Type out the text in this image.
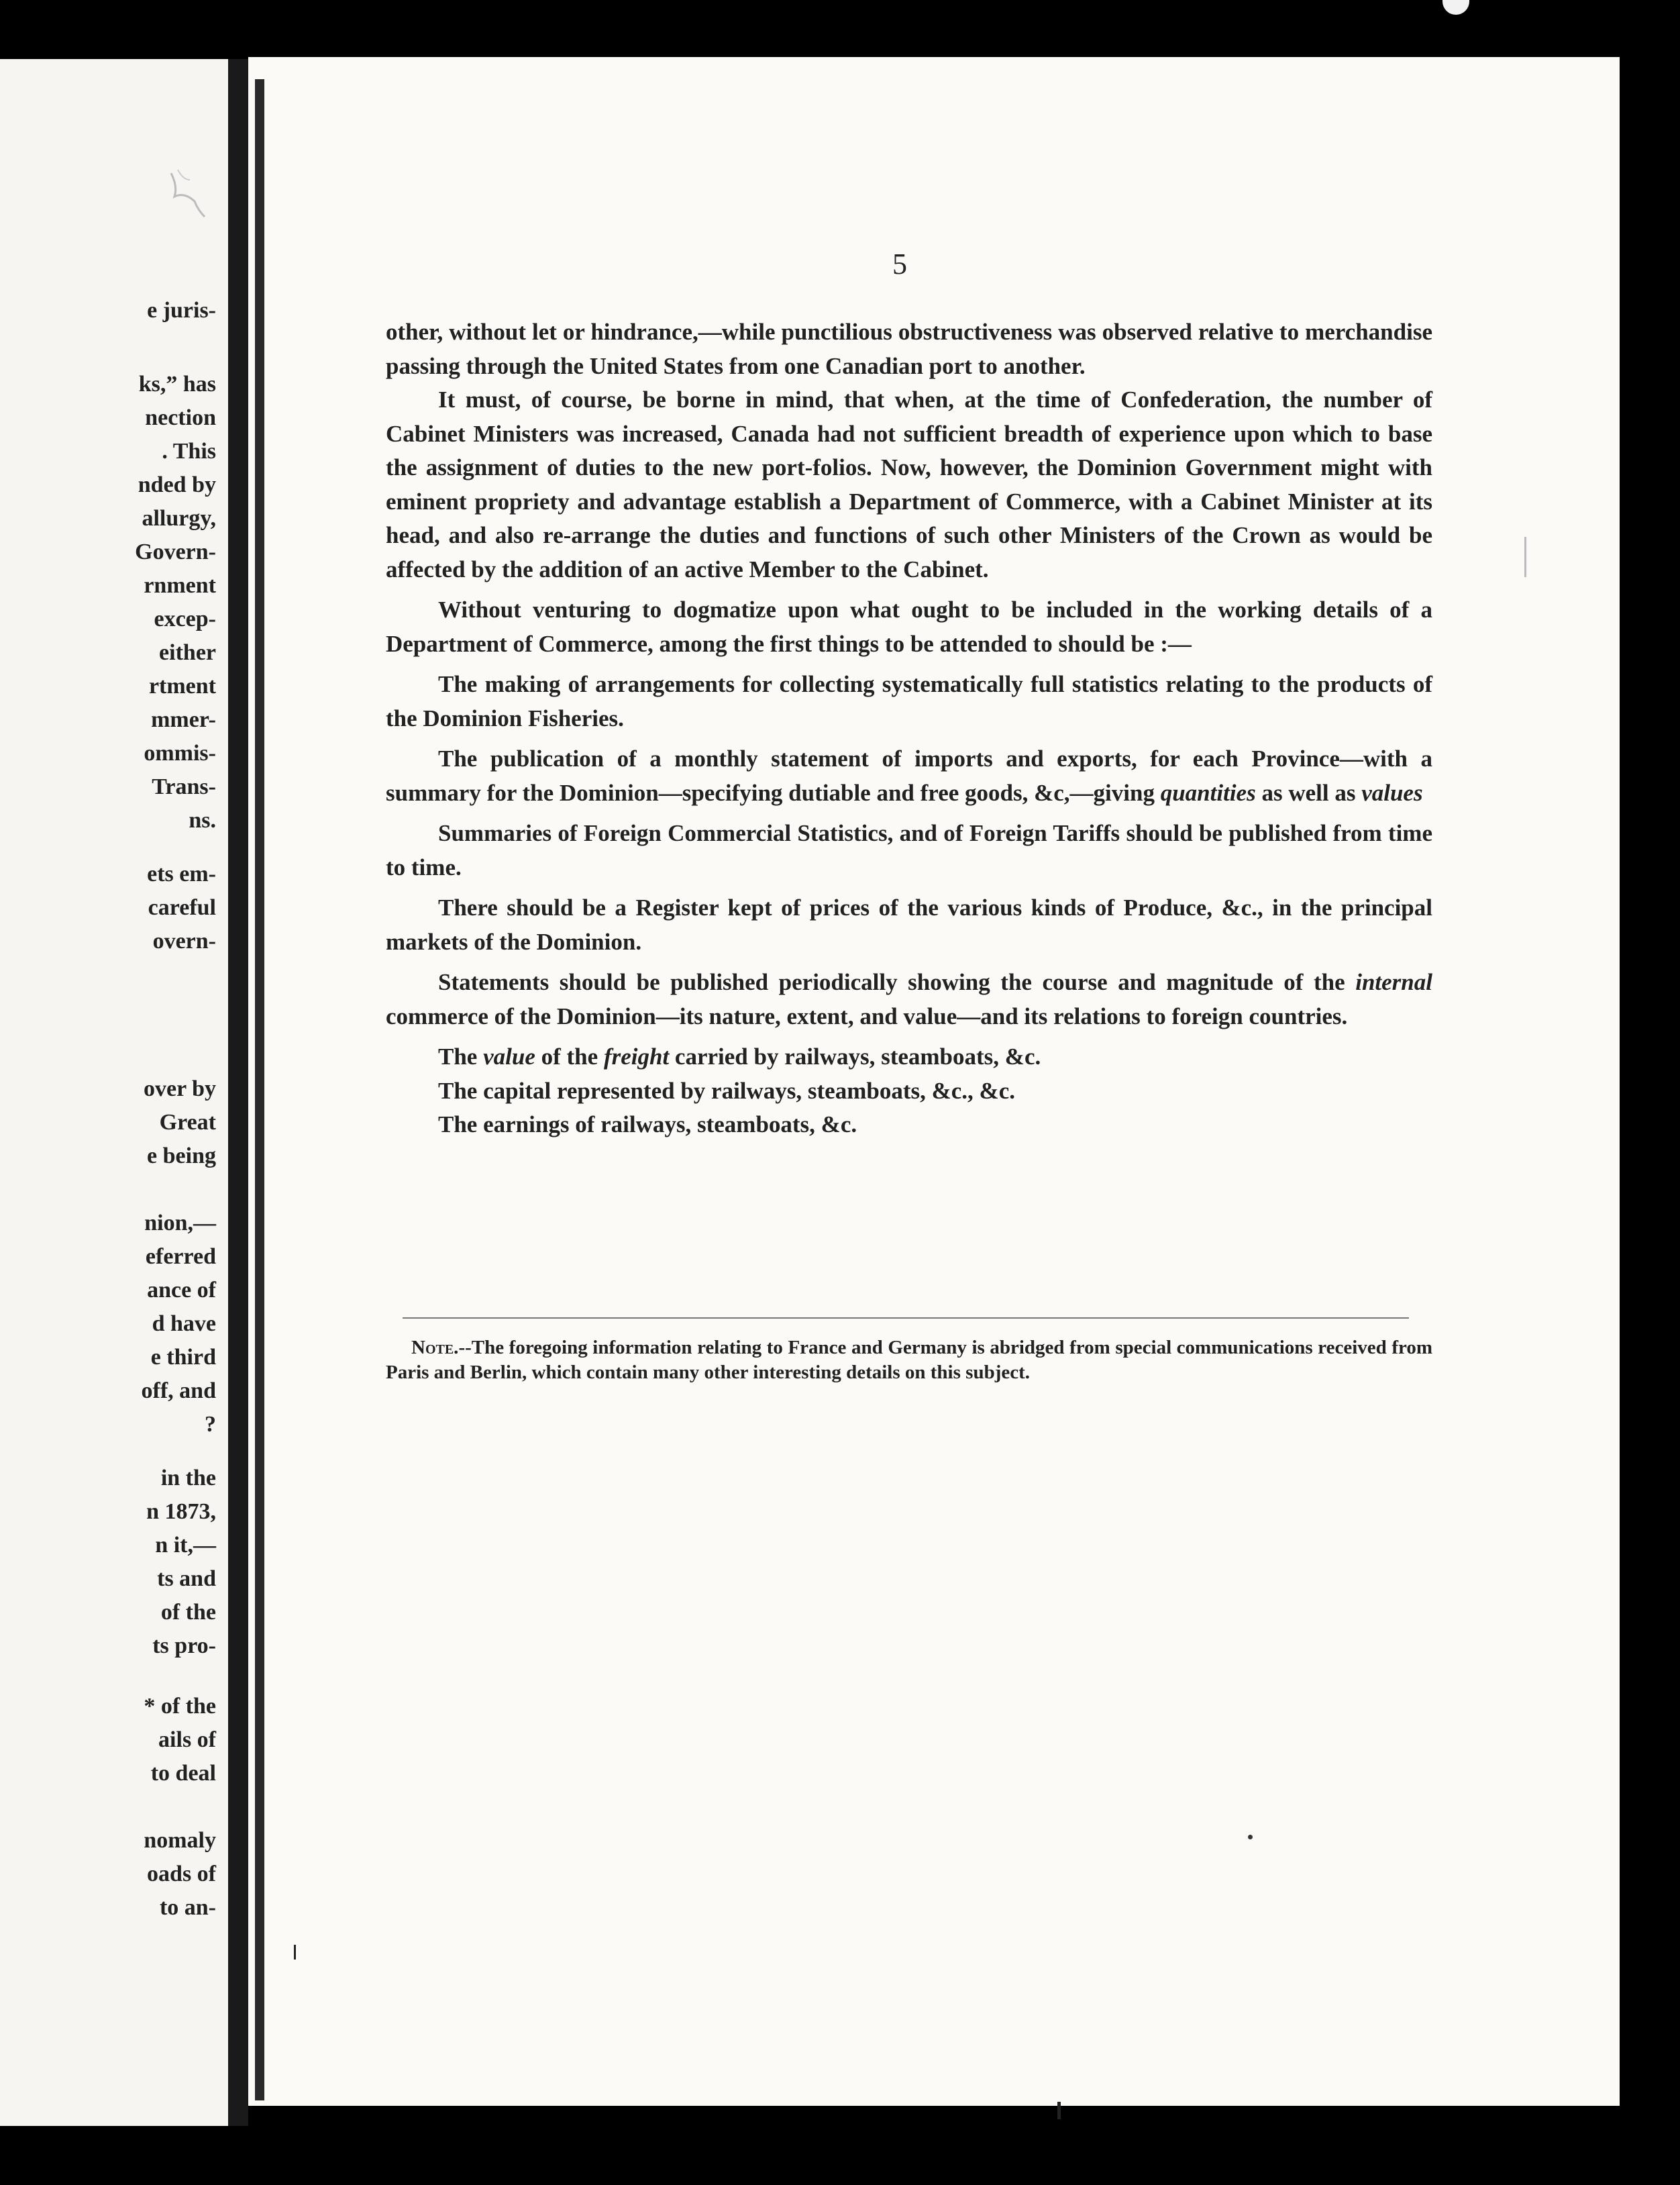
e juris-
ks,” has
nection
. This
nded by
allurgy,
Govern-
rnment
excep-
either
rtment
mmer-
ommis-
Trans-
ns.
ets em-
careful
overn-
over by
Great
e being
nion,—
eferred
ance of
d have
e third
off, and
?
in the
n 1873,
n it,—
ts and
of the
ts pro-
* of the
ails of
to deal
nomaly
oads of
to an-
5

other, without let or hindrance,—while punctilious obstructiveness was observed relative to merchandise passing through the United States from one Canadian port to another.

It must, of course, be borne in mind, that when, at the time of Confederation, the number of Cabinet Ministers was increased, Canada had not sufficient breadth of experience upon which to base the assignment of duties to the new port-folios. Now, however, the Dominion Government might with eminent propriety and advantage establish a Department of Commerce, with a Cabinet Minister at its head, and also re-arrange the duties and functions of such other Ministers of the Crown as would be affected by the addition of an active Member to the Cabinet.

Without venturing to dogmatize upon what ought to be included in the working details of a Department of Commerce, among the first things to be attended to should be :—

The making of arrangements for collecting systematically full statistics relating to the products of the Dominion Fisheries.

The publication of a monthly statement of imports and exports, for each Province—with a summary for the Dominion—specifying dutiable and free goods, &c,—giving quantities as well as values

Summaries of Foreign Commercial Statistics, and of Foreign Tariffs should be published from time to time.

There should be a Register kept of prices of the various kinds of Produce, &c., in the principal markets of the Dominion.

Statements should be published periodically showing the course and magnitude of the internal commerce of the Dominion—its nature, extent, and value—and its relations to foreign countries.

The value of the freight carried by railways, steamboats, &c.

The capital represented by railways, steamboats, &c., &c.

The earnings of railways, steamboats, &c.

Note.--The foregoing information relating to France and Germany is abridged from special communications received from Paris and Berlin, which contain many other interesting details on this subject.
